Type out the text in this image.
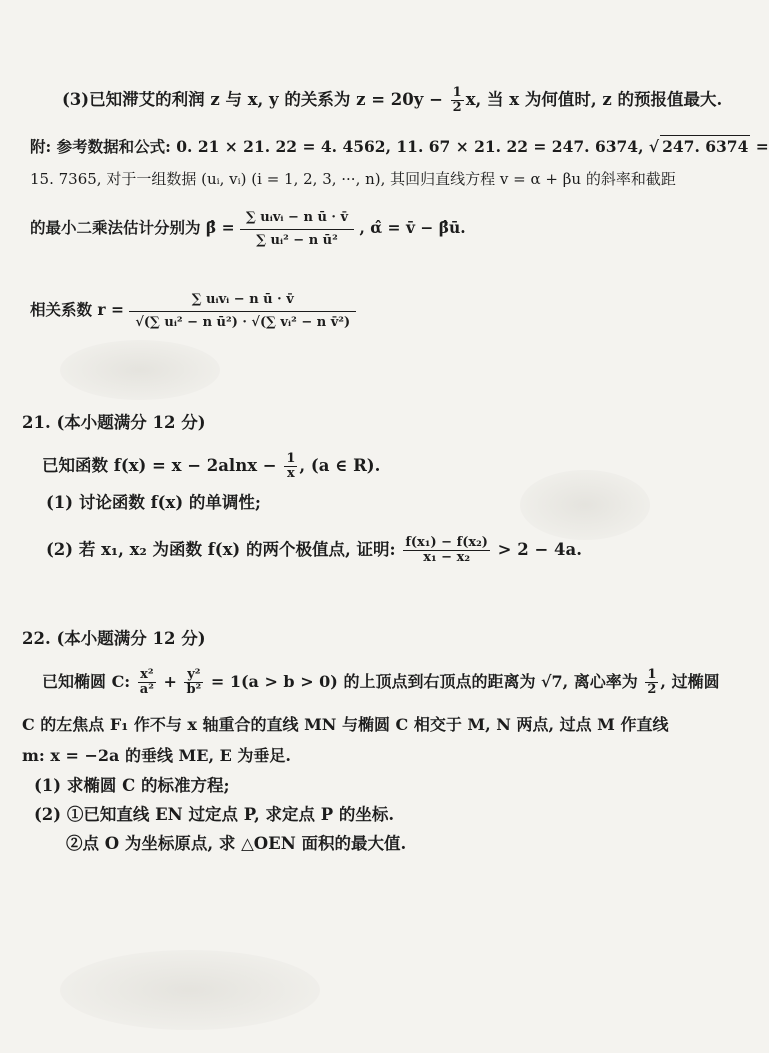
(3)已知滞艾的利润 z 与 x, y 的关系为 $z = 20y - \frac{1}{2} x$, 当 x 为何值时, z 的预报值最大.
附: 参考数据和公式: 0. 21 × 21. 22 = 4. 4562, 11. 67 × 21. 22 = 247. 6374, √ 247. 6374 =
15. 7365, 对于一组数据 (uᵢ, vᵢ) (i = 1, 2, 3, ···, n), 其回归直线方程 v = α + βu 的斜率和截距
的最小二乘法估计分别为 β̂ = $\frac{\text{∑ uᵢvᵢ − n ū · v̄}}{\text{∑ uᵢ² − n ū²}}$ , α̂ = v̄ − β̂ū.
相关系数 $r = \frac{\text{∑ uᵢvᵢ − n ū · v̄}}{\text{√(∑ uᵢ² − n ū²) · √(∑ vᵢ² − n v̄²)}}$
21. (本小题满分 12 分)
已知函数 $f(x) = x - 2alnx - \frac{1}{x}$ , (a ∈ R).
(1) 讨论函数 f(x) 的单调性;
(2) 若 x₁, x₂ 为函数 f(x) 的两个极值点, 证明: $\frac{\text{f(x₁) − f(x₂)}}{\text{x₁ − x₂}} > 2 - 4a$.
22. (本小题满分 12 分)
已知椭圆 C: $\frac{\text{x²}}{\text{a²}} + \frac{\text{y²}}{\text{b²}} = 1(a > b > 0)$ 的上顶点到右顶点的距离为 √7, 离心率为 $\frac{1}{2}$ , 过椭圆
C 的左焦点 F₁ 作不与 x 轴重合的直线 MN 与椭圆 C 相交于 M, N 两点, 过点 M 作直线
m: x = −2a 的垂线 ME, E 为垂足.
(1) 求椭圆 C 的标准方程;
(2) ①已知直线 EN 过定点 P, 求定点 P 的坐标.
②点 O 为坐标原点, 求 △OEN 面积的最大值.
